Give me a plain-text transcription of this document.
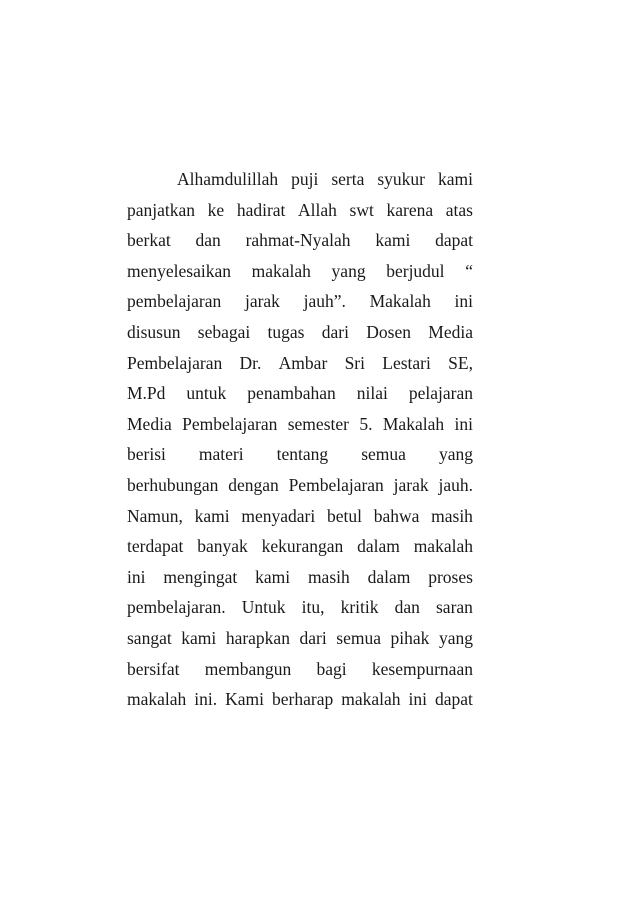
Alhamdulillah puji serta syukur kami
panjatkan ke hadirat Allah swt karena atas
berkat dan rahmat-Nyalah kami dapat
menyelesaikan makalah yang berjudul “
pembelajaran jarak jauh”. Makalah ini
disusun sebagai tugas dari Dosen Media
Pembelajaran Dr. Ambar Sri Lestari SE,
M.Pd untuk penambahan nilai pelajaran
Media Pembelajaran semester 5. Makalah ini
berisi materi tentang semua yang
berhubungan dengan Pembelajaran jarak jauh.
Namun, kami menyadari betul bahwa masih
terdapat banyak kekurangan dalam makalah
ini mengingat kami masih dalam proses
pembelajaran. Untuk itu, kritik dan saran
sangat kami harapkan dari semua pihak yang
bersifat membangun bagi kesempurnaan
makalah ini. Kami berharap makalah ini dapat
